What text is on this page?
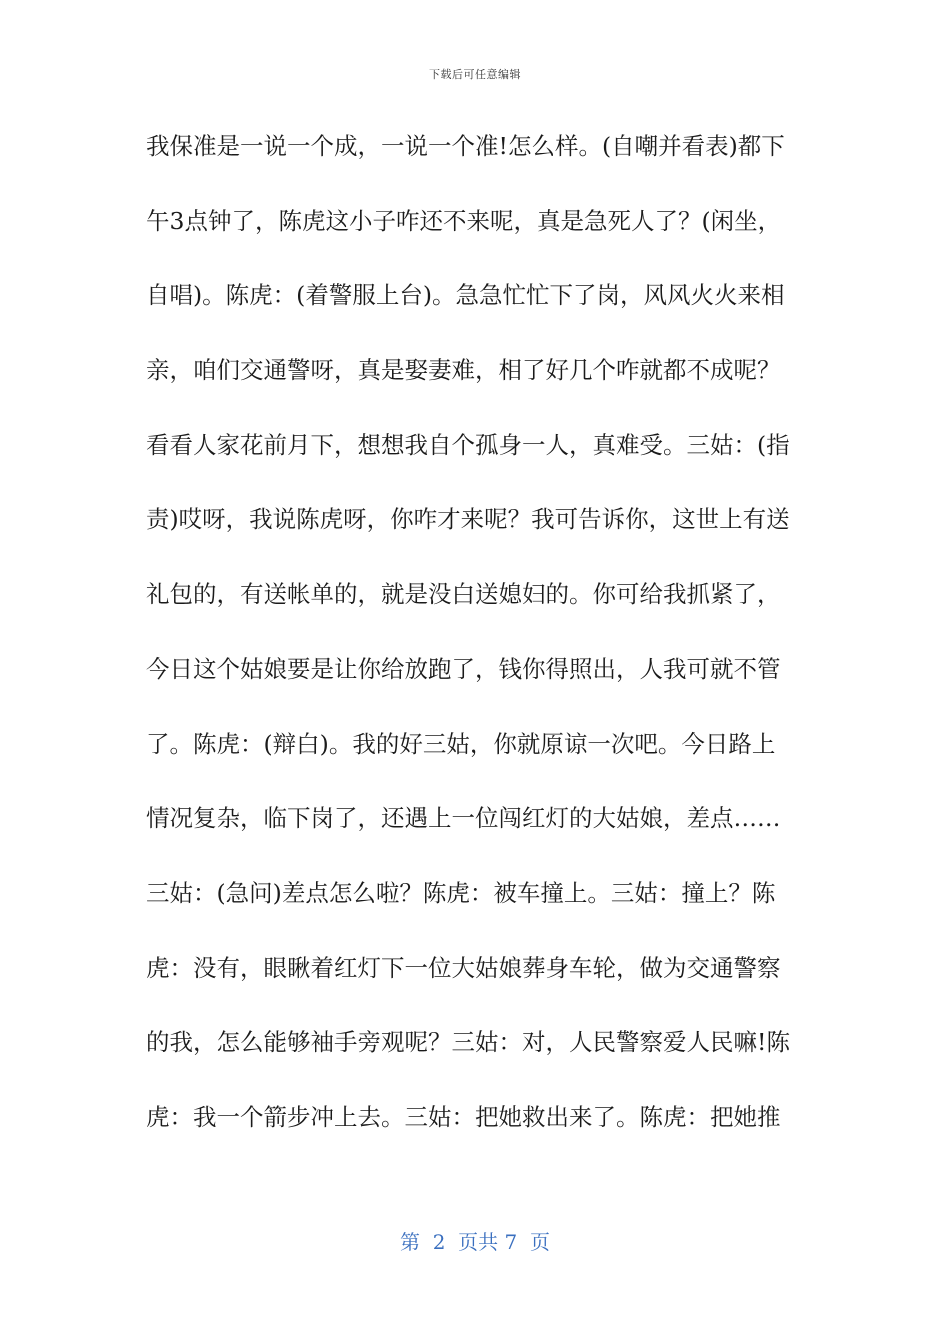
下载后可任意编辑
我保准是一说一个成，一说一个准!怎么样。(自嘲并看表)都下
午3点钟了，陈虎这小子咋还不来呢，真是急死人了？(闲坐，
自唱)。陈虎：(着警服上台)。急急忙忙下了岗，风风火火来相
亲，咱们交通警呀，真是娶妻难，相了好几个咋就都不成呢？
看看人家花前月下，想想我自个孤身一人，真难受。三姑：(指
责)哎呀，我说陈虎呀，你咋才来呢？我可告诉你，这世上有送
礼包的，有送帐单的，就是没白送媳妇的。你可给我抓紧了，
今日这个姑娘要是让你给放跑了，钱你得照出，人我可就不管
了。陈虎：(辩白)。我的好三姑，你就原谅一次吧。今日路上
情况复杂，临下岗了，还遇上一位闯红灯的大姑娘，差点……
三姑：(急问)差点怎么啦？陈虎：被车撞上。三姑：撞上？陈
虎：没有，眼瞅着红灯下一位大姑娘葬身车轮，做为交通警察
的我，怎么能够袖手旁观呢？三姑：对，人民警察爱人民嘛!陈
虎：我一个箭步冲上去。三姑：把她救出来了。陈虎：把她推
第  2  页共 7  页
